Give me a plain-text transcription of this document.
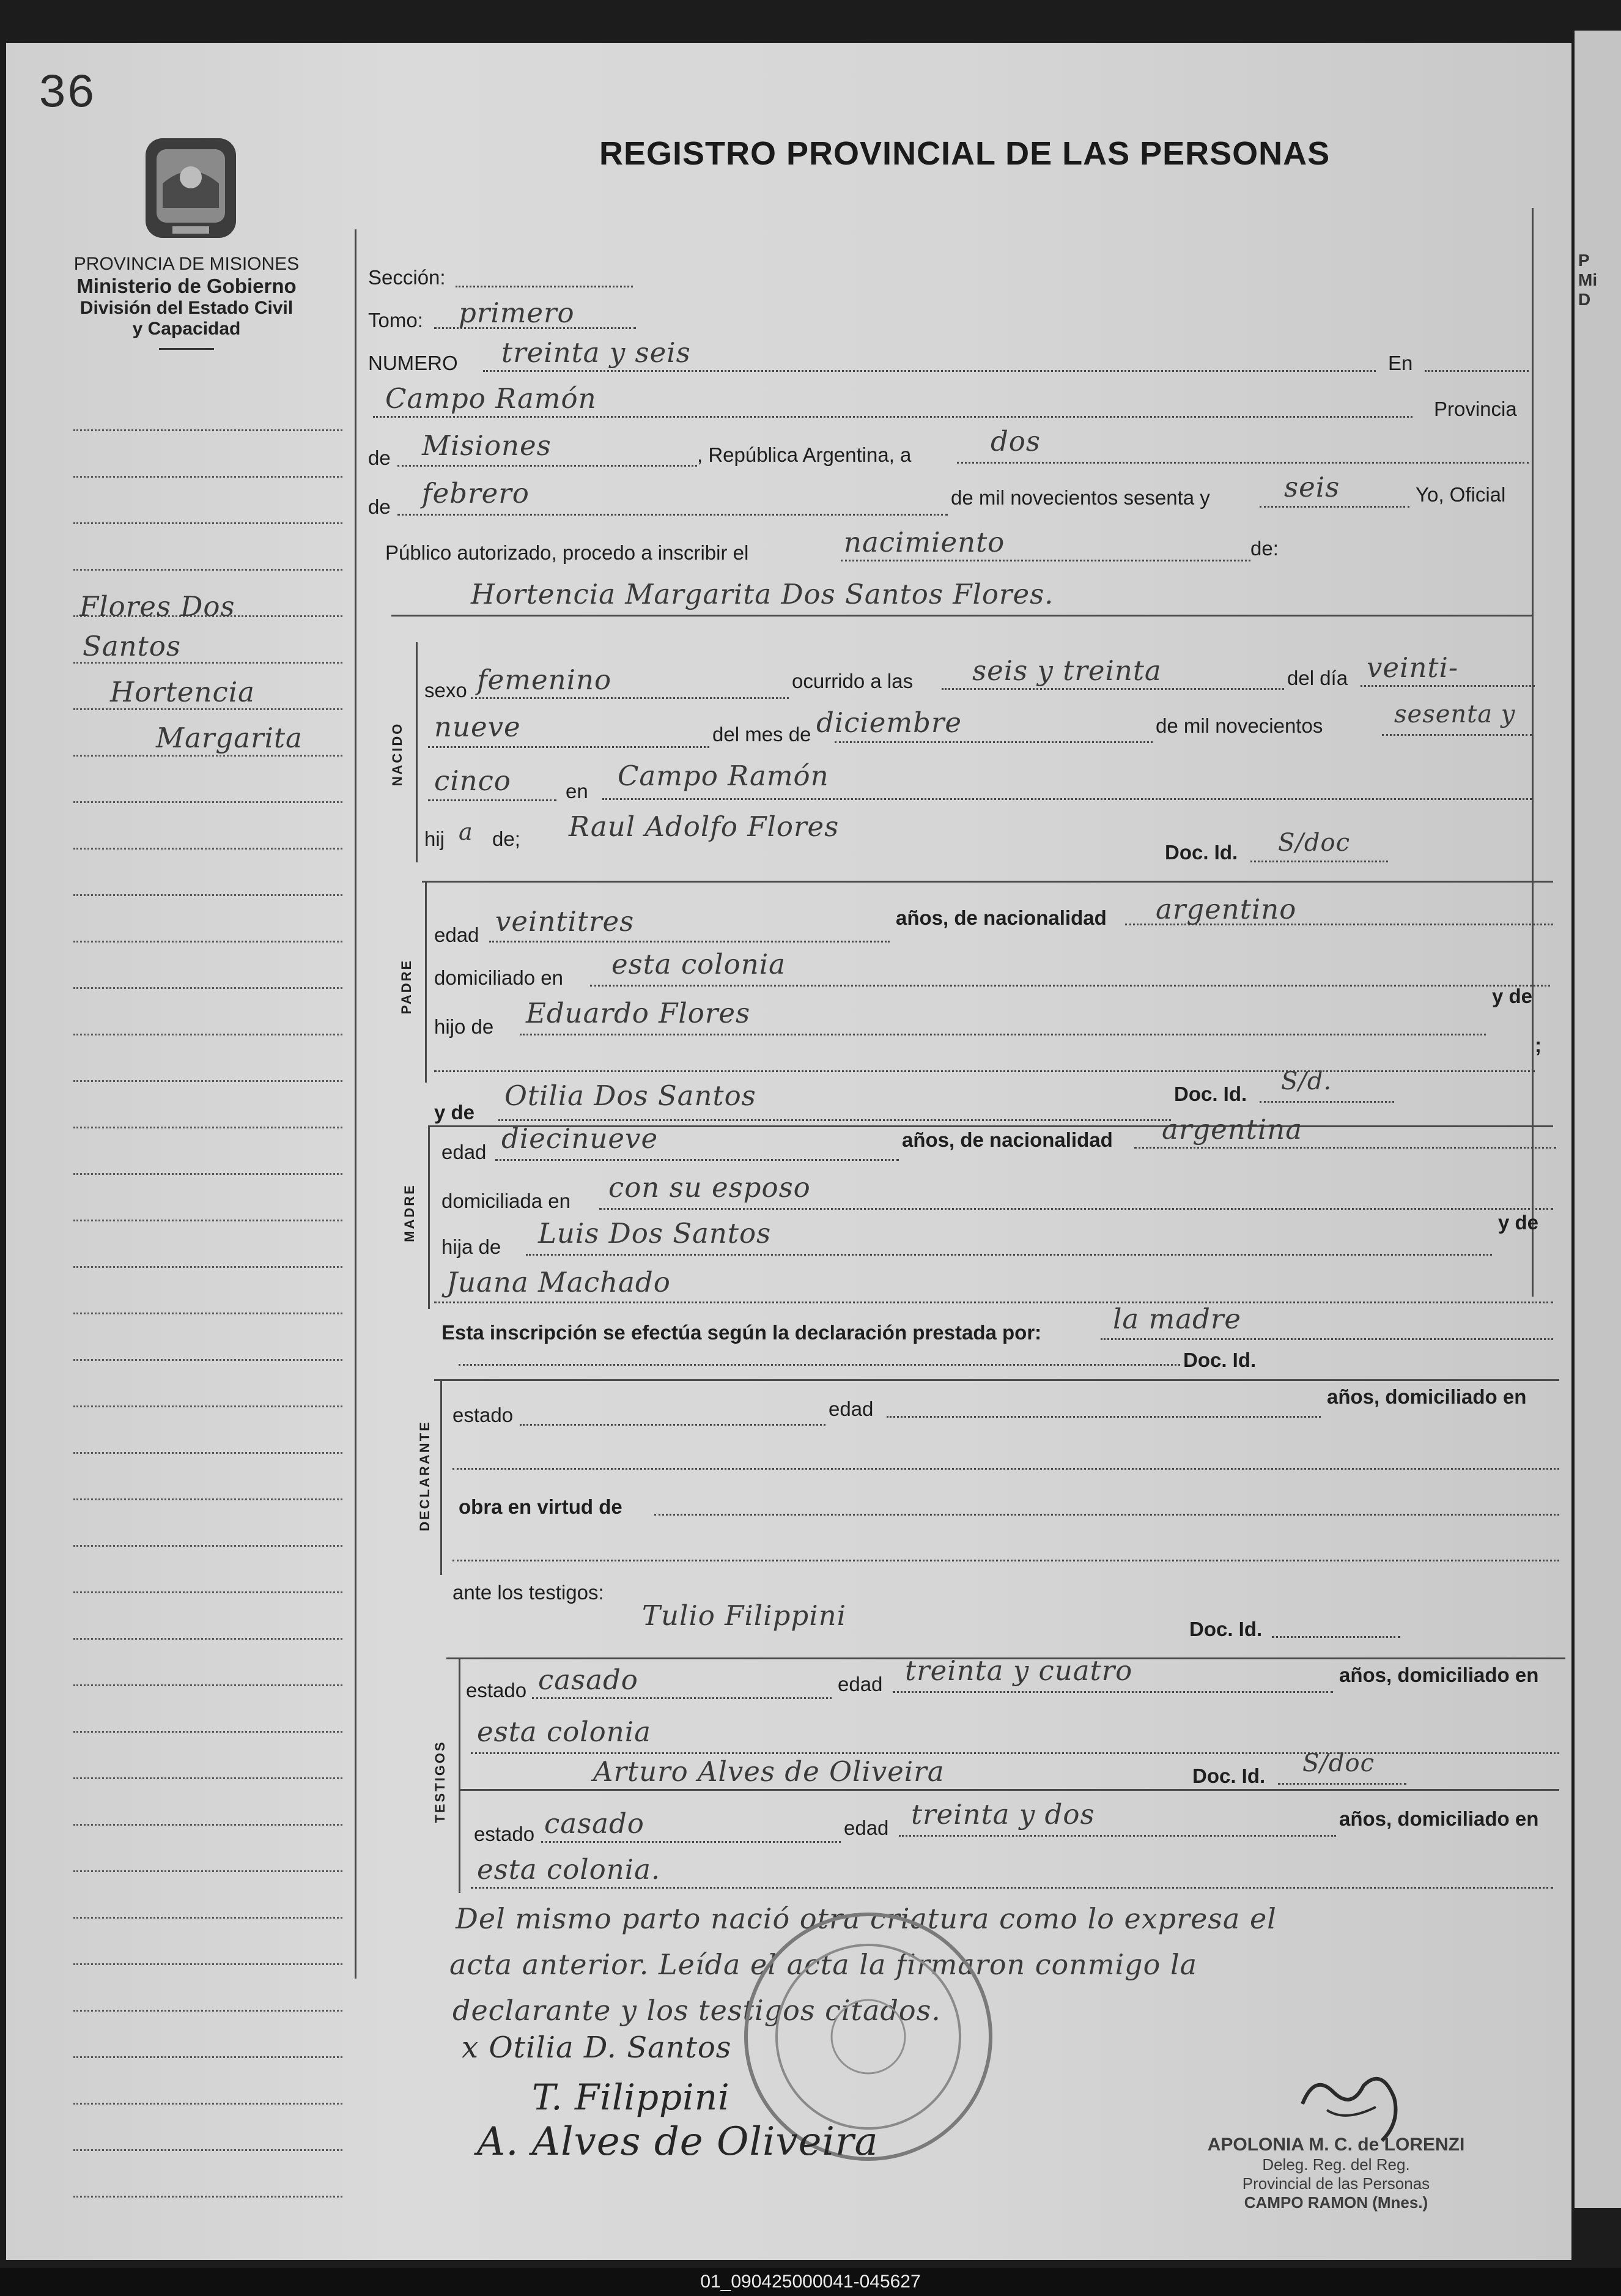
36
PROVINCIA DE MISIONES
Ministerio de Gobierno
División del Estado Civil
y Capacidad
REGISTRO PROVINCIAL DE LAS PERSONAS
Flores Dos
Santos
Hortencia
Margarita
Sección:
Tomo: primero
NUMERO treinta y seis	En
Campo Ramón	Provincia
de Misiones	, República Argentina, a	dos
de febrero	de mil novecientos sesenta y	seis	Yo, Oficial
Público autorizado, procedo a inscribir el	nacimiento	de:
Hortencia Margarita Dos Santos Flores.
NACIDO
sexo femenino	ocurrido a las seis y treinta	del día veinti-
nueve	del mes de diciembre	de mil novecientos	sesenta y
cinco	en Campo Ramón
hij a de; Raul Adolfo Flores
Doc. Id. S/doc
PADRE
edad veintitres	años, de nacionalidad argentino
domiciliado en esta colonia
hijo de Eduardo Flores
y de
;
y de
Otilia Dos Santos	Doc. Id. S/d.
MADRE
edad diecinueve	años, de nacionalidad argentina
domiciliada en con su esposo
hija de Luis Dos Santos	y de
Juana Machado
Esta inscripción se efectúa según la declaración prestada por:	la madre
Doc. Id.
DECLARANTE
estado	edad
años, domiciliado en
obra en virtud de
ante los testigos:
Tulio Filippini	Doc. Id.
TESTIGOS
estado casado	edad treinta y cuatro	años, domiciliado en
esta colonia
Arturo Alves de Oliveira	Doc. Id. S/doc
estado casado	edad treinta y dos	años, domiciliado en
esta colonia.
Del mismo parto nació otra criatura como lo expresa el
acta anterior. Leída el acta la firmaron conmigo la
declarante y los testigos citados.
x Otilia D. Santos
T. Filippini
A. Alves de Oliveira	APOLONIA M. C. de LORENZI
Deleg. Reg. del Reg.
Provincial de las Personas
CAMPO RAMON (Mnes.)
P
Mi
D
01_090425000041-045627
